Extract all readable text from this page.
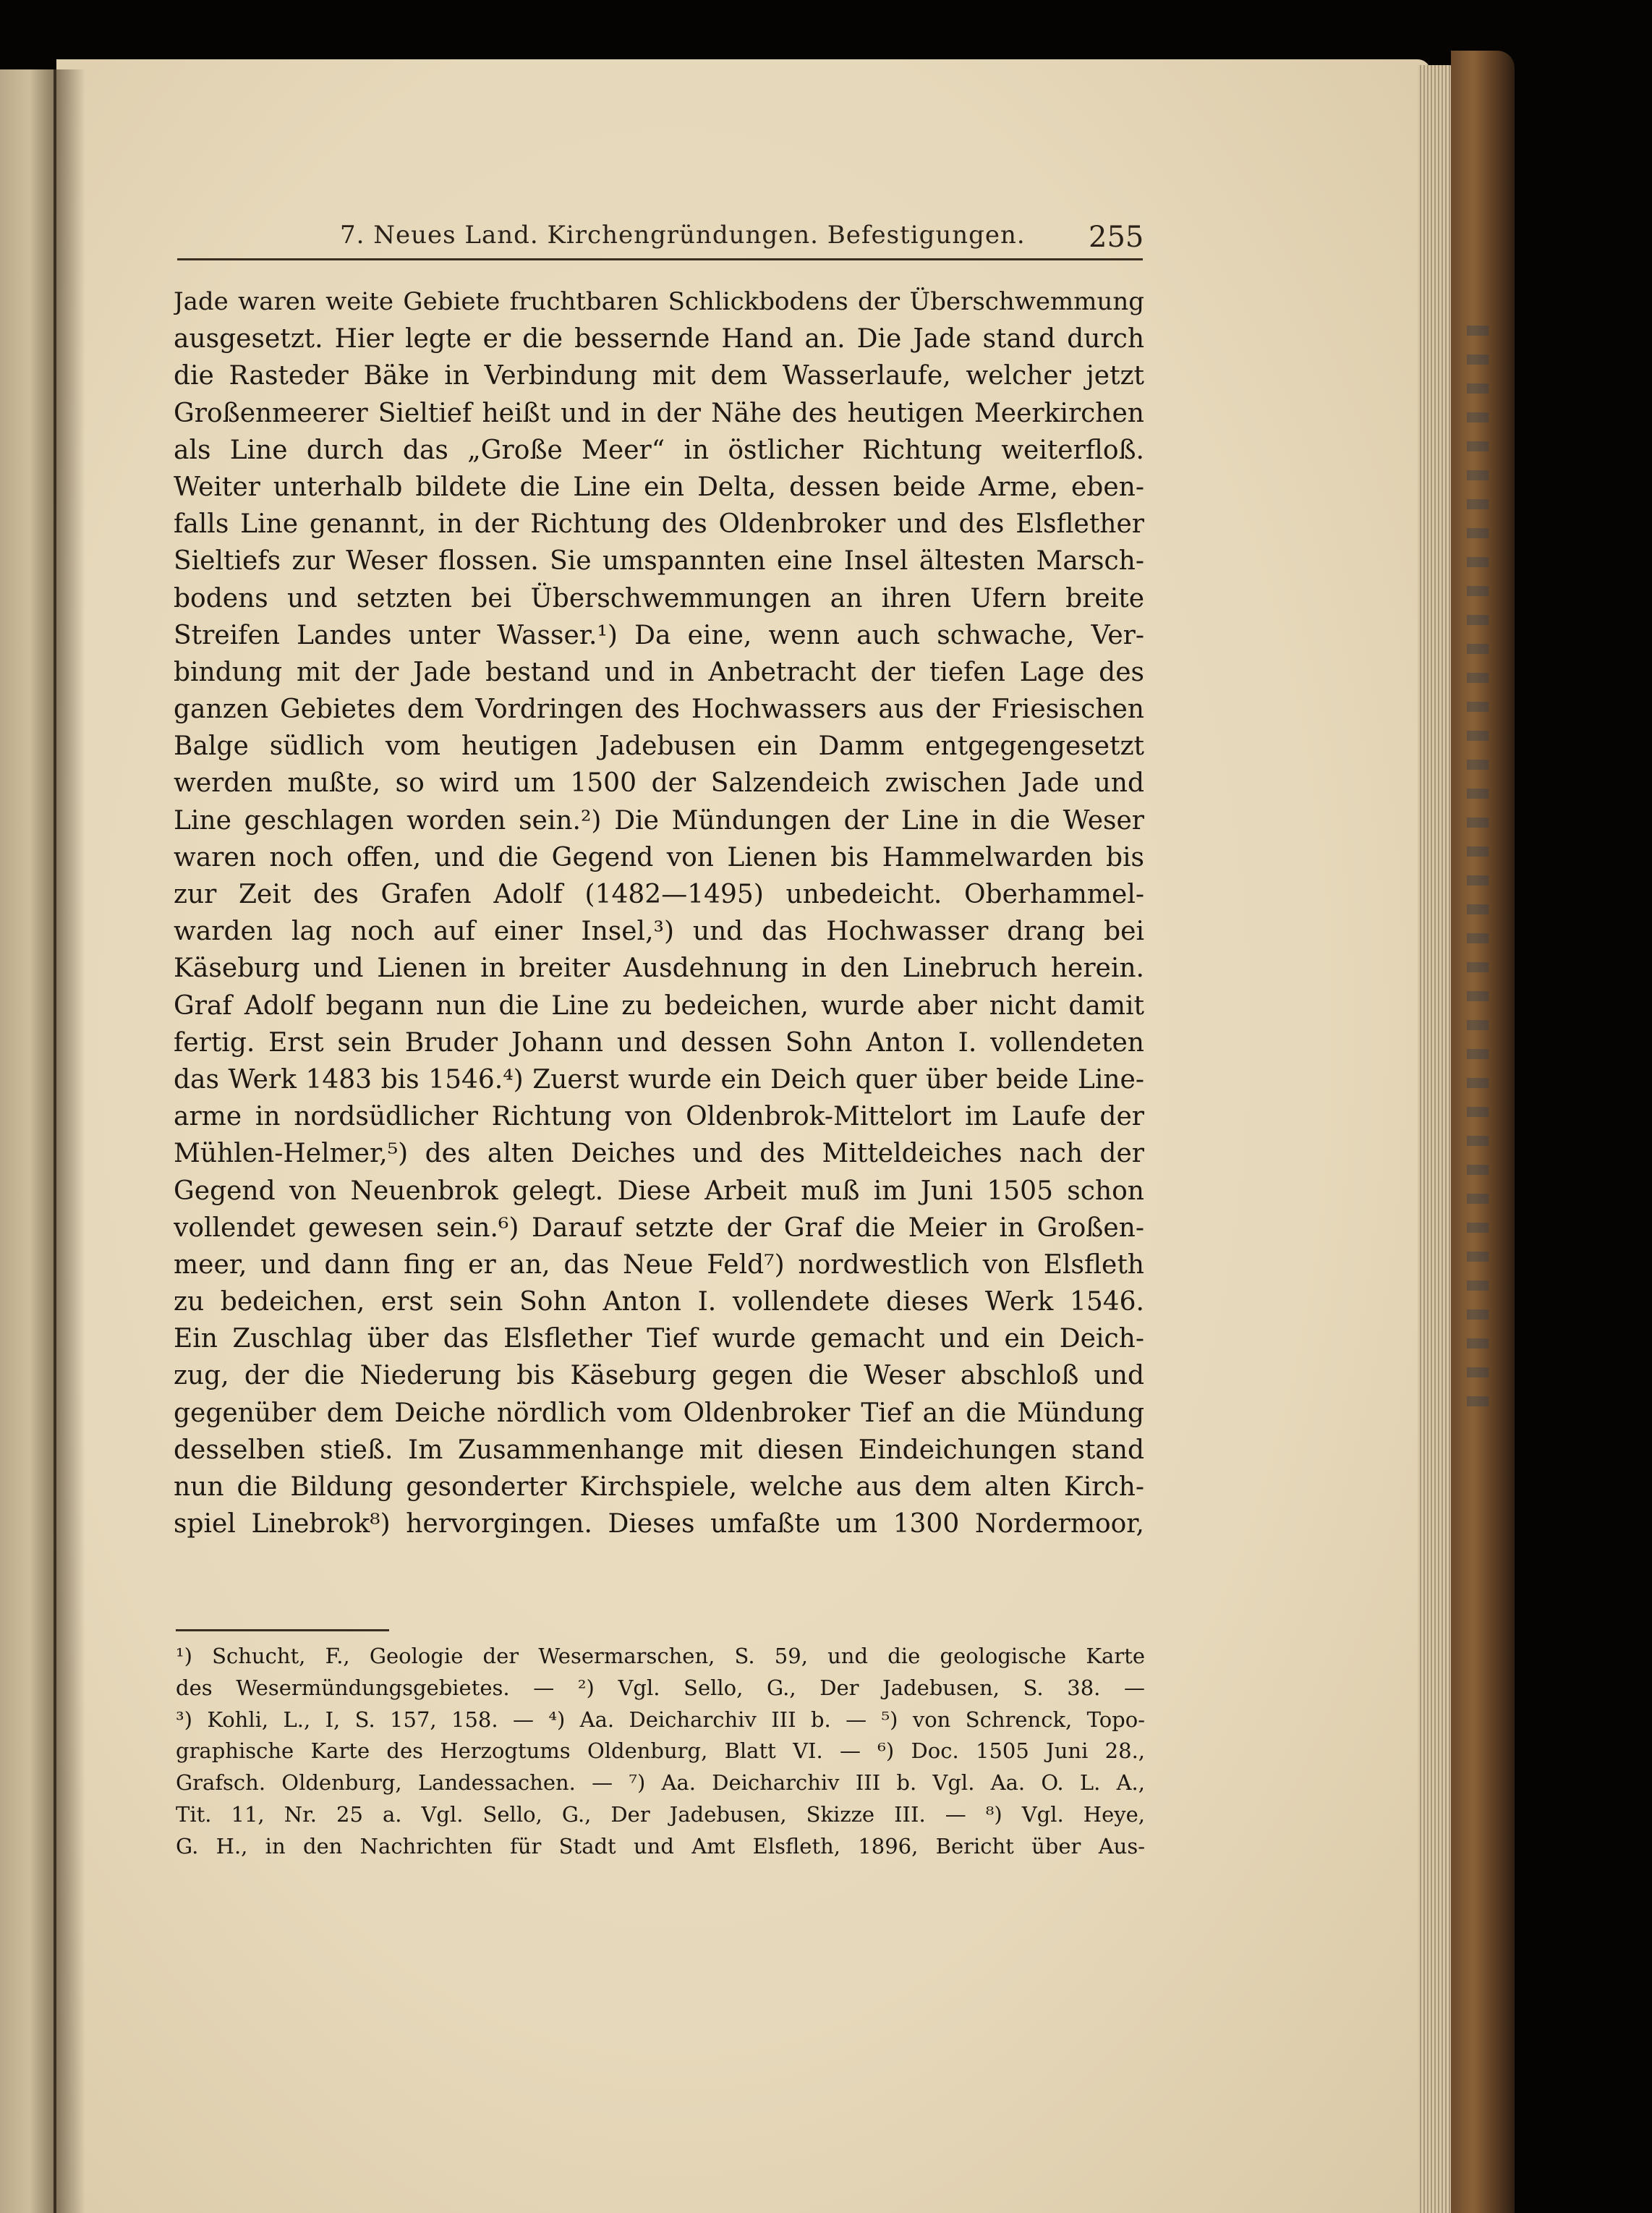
7. Neues Land. Kirchengründungen. Befestigungen. 255
Jade waren weite Gebiete fruchtbaren Schlickbodens der Überschwemmung
ausgesetzt. Hier legte er die bessernde Hand an. Die Jade stand durch
die Rasteder Bäke in Verbindung mit dem Wasserlaufe, welcher jetzt
Großenmeerer Sieltief heißt und in der Nähe des heutigen Meerkirchen
als Line durch das „Große Meer“ in östlicher Richtung weiterfloß.
Weiter unterhalb bildete die Line ein Delta, dessen beide Arme, eben-
falls Line genannt, in der Richtung des Oldenbroker und des Elsflether
Sieltiefs zur Weser flossen. Sie umspannten eine Insel ältesten Marsch-
bodens und setzten bei Überschwemmungen an ihren Ufern breite
Streifen Landes unter Wasser.¹) Da eine, wenn auch schwache, Ver-
bindung mit der Jade bestand und in Anbetracht der tiefen Lage des
ganzen Gebietes dem Vordringen des Hochwassers aus der Friesischen
Balge südlich vom heutigen Jadebusen ein Damm entgegengesetzt
werden mußte, so wird um 1500 der Salzendeich zwischen Jade und
Line geschlagen worden sein.²) Die Mündungen der Line in die Weser
waren noch offen, und die Gegend von Lienen bis Hammelwarden bis
zur Zeit des Grafen Adolf (1482—1495) unbedeicht. Oberhammel-
warden lag noch auf einer Insel,³) und das Hochwasser drang bei
Käseburg und Lienen in breiter Ausdehnung in den Linebruch herein.
Graf Adolf begann nun die Line zu bedeichen, wurde aber nicht damit
fertig. Erst sein Bruder Johann und dessen Sohn Anton I. vollendeten
das Werk 1483 bis 1546.⁴) Zuerst wurde ein Deich quer über beide Line-
arme in nordsüdlicher Richtung von Oldenbrok-Mittelort im Laufe der
Mühlen-Helmer,⁵) des alten Deiches und des Mitteldeiches nach der
Gegend von Neuenbrok gelegt. Diese Arbeit muß im Juni 1505 schon
vollendet gewesen sein.⁶) Darauf setzte der Graf die Meier in Großen-
meer, und dann fing er an, das Neue Feld⁷) nordwestlich von Elsfleth
zu bedeichen, erst sein Sohn Anton I. vollendete dieses Werk 1546.
Ein Zuschlag über das Elsflether Tief wurde gemacht und ein Deich-
zug, der die Niederung bis Käseburg gegen die Weser abschloß und
gegenüber dem Deiche nördlich vom Oldenbroker Tief an die Mündung
desselben stieß. Im Zusammenhange mit diesen Eindeichungen stand
nun die Bildung gesonderter Kirchspiele, welche aus dem alten Kirch-
spiel Linebrok⁸) hervorgingen. Dieses umfaßte um 1300 Nordermoor,
¹) Schucht, F., Geologie der Wesermarschen, S. 59, und die geologische Karte
des Wesermündungsgebietes. — ²) Vgl. Sello, G., Der Jadebusen, S. 38. —
³) Kohli, L., I, S. 157, 158. — ⁴) Aa. Deicharchiv III b. — ⁵) von Schrenck, Topo-
graphische Karte des Herzogtums Oldenburg, Blatt VI. — ⁶) Doc. 1505 Juni 28.,
Grafsch. Oldenburg, Landessachen. — ⁷) Aa. Deicharchiv III b. Vgl. Aa. O. L. A.,
Tit. 11, Nr. 25 a. Vgl. Sello, G., Der Jadebusen, Skizze III. — ⁸) Vgl. Heye,
G. H., in den Nachrichten für Stadt und Amt Elsfleth, 1896, Bericht über Aus-
